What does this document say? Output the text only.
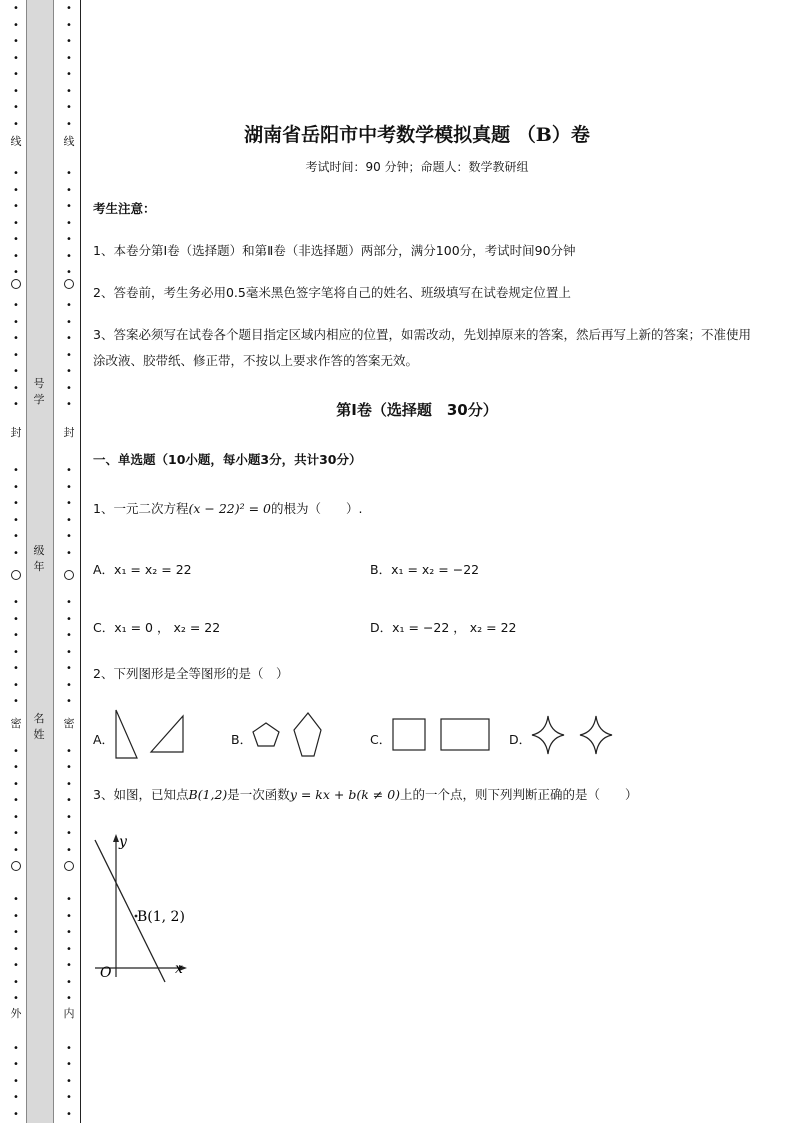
•
•
•
•
•
•
•
•
•
•
•
•
•
•
•
•
•
•
•
•
•
•
•
•
•
•
•
•
•
•
•
•
•
•
•
•
•
•
•
•
•
•
•
•
•
•
•
•
•
•
•
•
•
•
•
•
•
•
•
•
•
•
•
•
•
•
•
•
•
•
•
•
•
•
•
•
•
•
•
•
•
•
•
•
•
•
•
•
•
•
•
•
•
•
•
•
•
•
•
•
•
•
•
•
•
•
•
•
线
封
密
外
线
封
密
内
号学
级年
名姓
湖南省岳阳市中考数学模拟真题 （B）卷
考试时间：90 分钟；命题人：数学教研组
考生注意：
1、本卷分第Ⅰ卷（选择题）和第Ⅱ卷（非选择题）两部分，满分100分，考试时间90分钟
2、答卷前，考生务必用0.5毫米黑色签字笔将自己的姓名、班级填写在试卷规定位置上
3、答案必须写在试卷各个题目指定区域内相应的位置，如需改动，先划掉原来的答案，然后再写上新的答案；不准使用涂改液、胶带纸、修正带，不按以上要求作答的答案无效。
第Ⅰ卷（选择题　30分）
一、单选题（10小题，每小题3分，共计30分）
1、一元二次方程(x − 22)² = 0的根为（　　）.
A．x₁ = x₂ = 22	B．x₁ = x₂ = −22
C．x₁ = 0 ， x₂ = 22	D．x₁ = −22 ， x₂ = 22
2、下列图形是全等图形的是（　）
A．	B．	C．	D．
3、如图，已知点B(1,2)是一次函数y = kx + b(k ≠ 0)上的一个点，则下列判断正确的是（　　）
y
x
O
B(1, 2)
